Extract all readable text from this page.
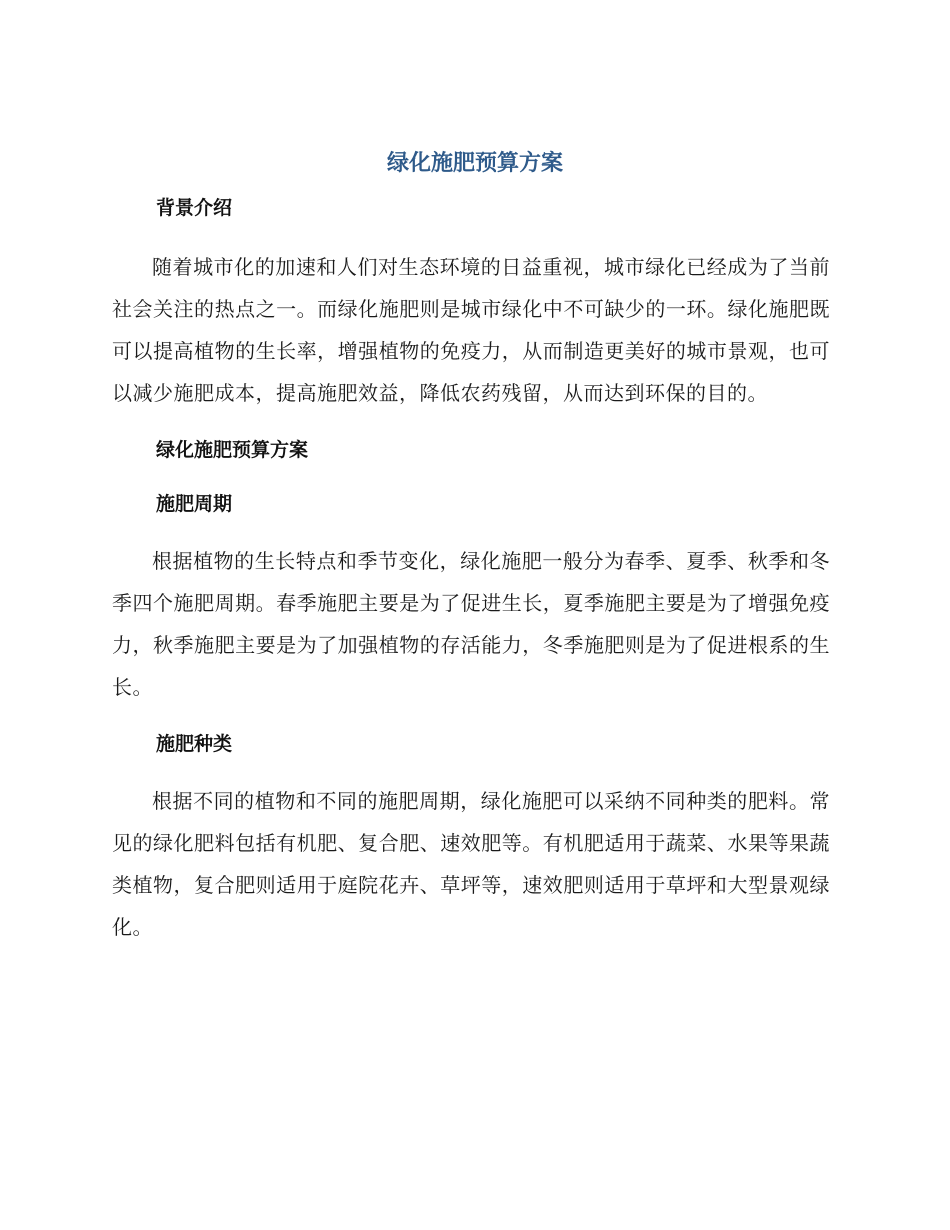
绿化施肥预算方案
背景介绍

随着城市化的加速和人们对生态环境的日益重视，城市绿化已经成为了当前社会关注的热点之一。而绿化施肥则是城市绿化中不可缺少的一环。绿化施肥既可以提高植物的生长率，增强植物的免疫力，从而制造更美好的城市景观，也可以减少施肥成本，提高施肥效益，降低农药残留，从而达到环保的目的。

绿化施肥预算方案
施肥周期

根据植物的生长特点和季节变化，绿化施肥一般分为春季、夏季、秋季和冬季四个施肥周期。春季施肥主要是为了促进生长，夏季施肥主要是为了增强免疫力，秋季施肥主要是为了加强植物的存活能力，冬季施肥则是为了促进根系的生长。

施肥种类

根据不同的植物和不同的施肥周期，绿化施肥可以采纳不同种类的肥料。常见的绿化肥料包括有机肥、复合肥、速效肥等。有机肥适用于蔬菜、水果等果蔬类植物，复合肥则适用于庭院花卉、草坪等，速效肥则适用于草坪和大型景观绿化。
